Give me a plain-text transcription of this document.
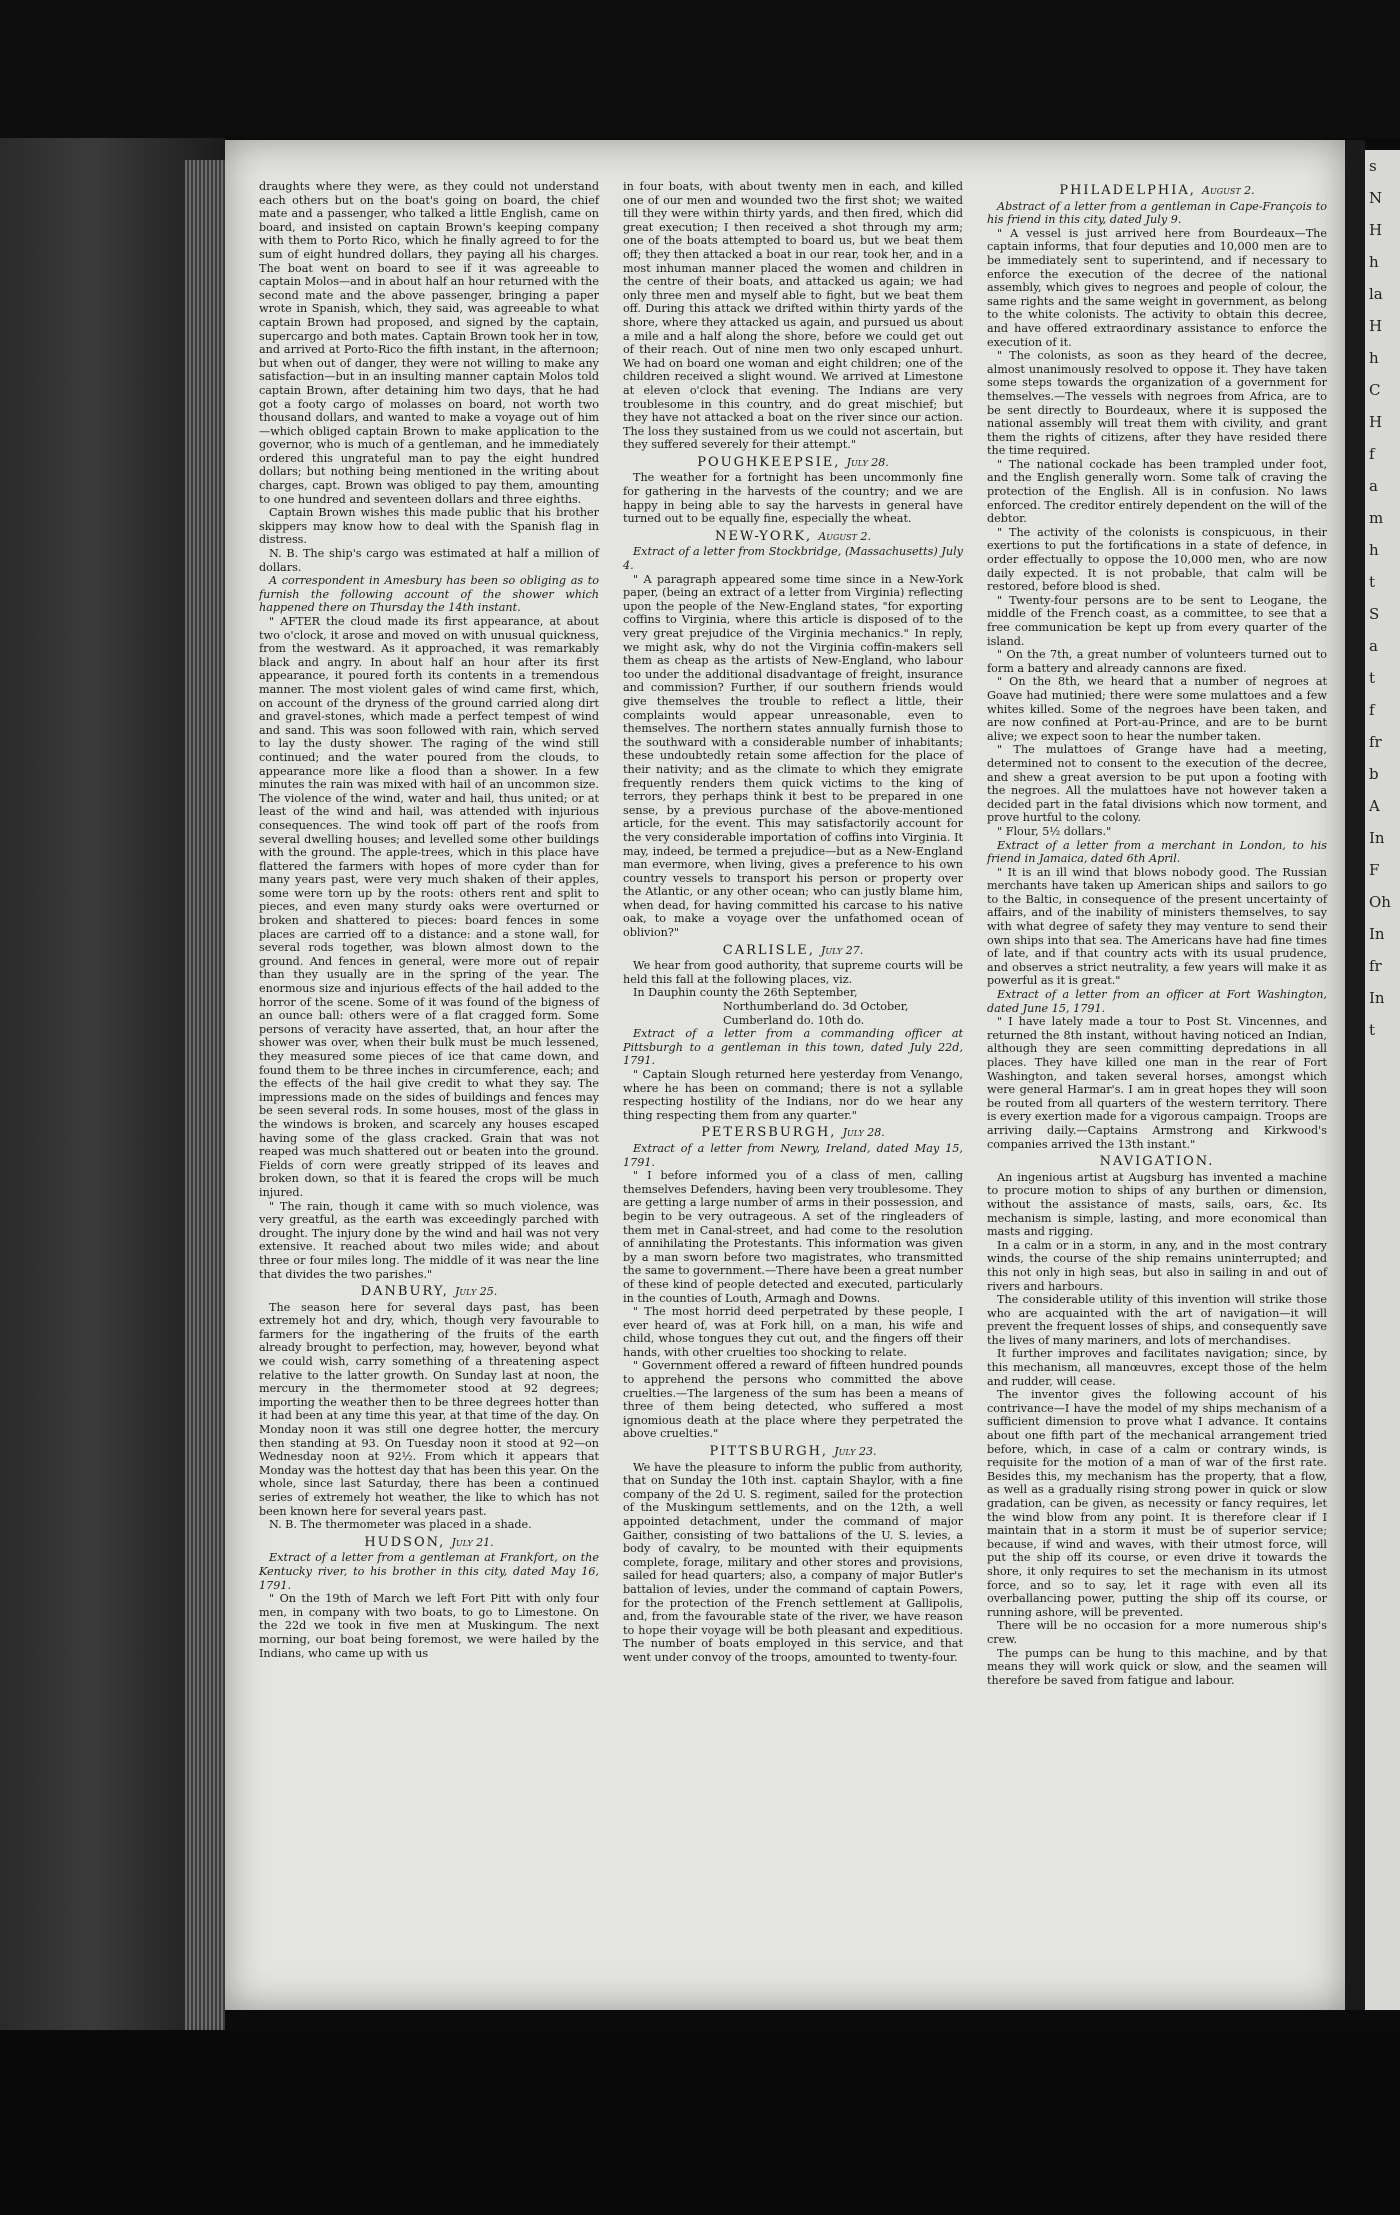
s
N
H
h
la
H
h
C
H
f
a
m
h
t
S
a
t
f
fr
b
A
In
F
Oh
In
fr
In
t

draughts where they were, as they could not understand each others but on the boat's going on board, the chief mate and a passenger, who talked a little English, came on board, and insisted on captain Brown's keeping company with them to Porto Rico, which he finally agreed to for the sum of eight hundred dollars, they paying all his charges. The boat went on board to see if it was agreeable to captain Molos—and in about half an hour returned with the second mate and the above passenger, bringing a paper wrote in Spanish, which, they said, was agreeable to what captain Brown had proposed, and signed by the captain, supercargo and both mates. Captain Brown took her in tow, and arrived at Porto-Rico the fifth instant, in the afternoon; but when out of danger, they were not willing to make any satisfaction—but in an insulting manner captain Molos told captain Brown, after detaining him two days, that he had got a footy cargo of molasses on board, not worth two thousand dollars, and wanted to make a voyage out of him—which obliged captain Brown to make application to the governor, who is much of a gentleman, and he immediately ordered this ungrateful man to pay the eight hundred dollars; but nothing being mentioned in the writing about charges, capt. Brown was obliged to pay them, amounting to one hundred and seventeen dollars and three eighths.

Captain Brown wishes this made public that his brother skippers may know how to deal with the Spanish flag in distress.

N. B. The ship's cargo was estimated at half a million of dollars.

A correspondent in Amesbury has been so obliging as to furnish the following account of the shower which happened there on Thursday the 14th instant.

" AFTER the cloud made its first appearance, at about two o'clock, it arose and moved on with unusual quickness, from the westward. As it approached, it was remarkably black and angry. In about half an hour after its first appearance, it poured forth its contents in a tremendous manner. The most violent gales of wind came first, which, on account of the dryness of the ground carried along dirt and gravel-stones, which made a perfect tempest of wind and sand. This was soon followed with rain, which served to lay the dusty shower. The raging of the wind still continued; and the water poured from the clouds, to appearance more like a flood than a shower. In a few minutes the rain was mixed with hail of an uncommon size. The violence of the wind, water and hail, thus united; or at least of the wind and hail, was attended with injurious consequences. The wind took off part of the roofs from several dwelling houses; and levelled some other buildings with the ground. The apple-trees, which in this place have flattered the farmers with hopes of more cyder than for many years past, were very much shaken of their apples, some were torn up by the roots: others rent and split to pieces, and even many sturdy oaks were overturned or broken and shattered to pieces: board fences in some places are carried off to a distance: and a stone wall, for several rods together, was blown almost down to the ground. And fences in general, were more out of repair than they usually are in the spring of the year. The enormous size and injurious effects of the hail added to the horror of the scene. Some of it was found of the bigness of an ounce ball: others were of a flat cragged form. Some persons of veracity have asserted, that, an hour after the shower was over, when their bulk must be much lessened, they measured some pieces of ice that came down, and found them to be three inches in circumference, each; and the effects of the hail give credit to what they say. The impressions made on the sides of buildings and fences may be seen several rods. In some houses, most of the glass in the windows is broken, and scarcely any houses escaped having some of the glass cracked. Grain that was not reaped was much shattered out or beaten into the ground. Fields of corn were greatly stripped of its leaves and broken down, so that it is feared the crops will be much injured.

" The rain, though it came with so much violence, was very greatful, as the earth was exceedingly parched with drought. The injury done by the wind and hail was not very extensive. It reached about two miles wide; and about three or four miles long. The middle of it was near the line that divides the two parishes."

DANBURY, July 25.

The season here for several days past, has been extremely hot and dry, which, though very favourable to farmers for the ingathering of the fruits of the earth already brought to perfection, may, however, beyond what we could wish, carry something of a threatening aspect relative to the latter growth. On Sunday last at noon, the mercury in the thermometer stood at 92 degrees; importing the weather then to be three degrees hotter than it had been at any time this year, at that time of the day. On Monday noon it was still one degree hotter, the mercury then standing at 93. On Tuesday noon it stood at 92—on Wednesday noon at 92½. From which it appears that Monday was the hottest day that has been this year. On the whole, since last Saturday, there has been a continued series of extremely hot weather, the like to which has not been known here for several years past.

N. B. The thermometer was placed in a shade.

HUDSON, July 21.

Extract of a letter from a gentleman at Frankfort, on the Kentucky river, to his brother in this city, dated May 16, 1791.

" On the 19th of March we left Fort Pitt with only four men, in company with two boats, to go to Limestone. On the 22d we took in five men at Muskingum. The next morning, our boat being foremost, we were hailed by the Indians, who came up with us

in four boats, with about twenty men in each, and killed one of our men and wounded two the first shot; we waited till they were within thirty yards, and then fired, which did great execution; I then received a shot through my arm; one of the boats attempted to board us, but we beat them off; they then attacked a boat in our rear, took her, and in a most inhuman manner placed the women and children in the centre of their boats, and attacked us again; we had only three men and myself able to fight, but we beat them off. During this attack we drifted within thirty yards of the shore, where they attacked us again, and pursued us about a mile and a half along the shore, before we could get out of their reach. Out of nine men two only escaped unhurt. We had on board one woman and eight children; one of the children received a slight wound. We arrived at Limestone at eleven o'clock that evening. The Indians are very troublesome in this country, and do great mischief; but they have not attacked a boat on the river since our action. The loss they sustained from us we could not ascertain, but they suffered severely for their attempt."

POUGHKEEPSIE, July 28.

The weather for a fortnight has been uncommonly fine for gathering in the harvests of the country; and we are happy in being able to say the harvests in general have turned out to be equally fine, especially the wheat.

NEW-YORK, August 2.

Extract of a letter from Stockbridge, (Massachusetts) July 4.

" A paragraph appeared some time since in a New-York paper, (being an extract of a letter from Virginia) reflecting upon the people of the New-England states, "for exporting coffins to Virginia, where this article is disposed of to the very great prejudice of the Virginia mechanics." In reply, we might ask, why do not the Virginia coffin-makers sell them as cheap as the artists of New-England, who labour too under the additional disadvantage of freight, insurance and commission? Further, if our southern friends would give themselves the trouble to reflect a little, their complaints would appear unreasonable, even to themselves. The northern states annually furnish those to the southward with a considerable number of inhabitants; these undoubtedly retain some affection for the place of their nativity; and as the climate to which they emigrate frequently renders them quick victims to the king of terrors, they perhaps think it best to be prepared in one sense, by a previous purchase of the above-mentioned article, for the event. This may satisfactorily account for the very considerable importation of coffins into Virginia. It may, indeed, be termed a prejudice—but as a New-England man evermore, when living, gives a preference to his own country vessels to transport his person or property over the Atlantic, or any other ocean; who can justly blame him, when dead, for having committed his carcase to his native oak, to make a voyage over the unfathomed ocean of oblivion?"

CARLISLE, July 27.

We hear from good authority, that supreme courts will be held this fall at the following places, viz.

In Dauphin county the 26th September,

Northumberland do. 3d October,

Cumberland do. 10th do.

Extract of a letter from a commanding officer at Pittsburgh to a gentleman in this town, dated July 22d, 1791.

" Captain Slough returned here yesterday from Venango, where he has been on command; there is not a syllable respecting hostility of the Indians, nor do we hear any thing respecting them from any quarter."

PETERSBURGH, July 28.

Extract of a letter from Newry, Ireland, dated May 15, 1791.

" I before informed you of a class of men, calling themselves Defenders, having been very troublesome. They are getting a large number of arms in their possession, and begin to be very outrageous. A set of the ringleaders of them met in Canal-street, and had come to the resolution of annihilating the Protestants. This information was given by a man sworn before two magistrates, who transmitted the same to government.—There have been a great number of these kind of people detected and executed, particularly in the counties of Louth, Armagh and Downs.

" The most horrid deed perpetrated by these people, I ever heard of, was at Fork hill, on a man, his wife and child, whose tongues they cut out, and the fingers off their hands, with other cruelties too shocking to relate.

" Government offered a reward of fifteen hundred pounds to apprehend the persons who committed the above cruelties.—The largeness of the sum has been a means of three of them being detected, who suffered a most ignomious death at the place where they perpetrated the above cruelties."

PITTSBURGH, July 23.

We have the pleasure to inform the public from authority, that on Sunday the 10th inst. captain Shaylor, with a fine company of the 2d U. S. regiment, sailed for the protection of the Muskingum settlements, and on the 12th, a well appointed detachment, under the command of major Gaither, consisting of two battalions of the U. S. levies, a body of cavalry, to be mounted with their equipments complete, forage, military and other stores and provisions, sailed for head quarters; also, a company of major Butler's battalion of levies, under the command of captain Powers, for the protection of the French settlement at Gallipolis, and, from the favourable state of the river, we have reason to hope their voyage will be both pleasant and expeditious. The number of boats employed in this service, and that went under convoy of the troops, amounted to twenty-four.

PHILADELPHIA, August 2.

Abstract of a letter from a gentleman in Cape-François to his friend in this city, dated July 9.

" A vessel is just arrived here from Bourdeaux—The captain informs, that four deputies and 10,000 men are to be immediately sent to superintend, and if necessary to enforce the execution of the decree of the national assembly, which gives to negroes and people of colour, the same rights and the same weight in government, as belong to the white colonists. The activity to obtain this decree, and have offered extraordinary assistance to enforce the execution of it.

" The colonists, as soon as they heard of the decree, almost unanimously resolved to oppose it. They have taken some steps towards the organization of a government for themselves.—The vessels with negroes from Africa, are to be sent directly to Bourdeaux, where it is supposed the national assembly will treat them with civility, and grant them the rights of citizens, after they have resided there the time required.

" The national cockade has been trampled under foot, and the English generally worn. Some talk of craving the protection of the English. All is in confusion. No laws enforced. The creditor entirely dependent on the will of the debtor.

" The activity of the colonists is conspicuous, in their exertions to put the fortifications in a state of defence, in order effectually to oppose the 10,000 men, who are now daily expected. It is not probable, that calm will be restored, before blood is shed.

" Twenty-four persons are to be sent to Leogane, the middle of the French coast, as a committee, to see that a free communication be kept up from every quarter of the island.

" On the 7th, a great number of volunteers turned out to form a battery and already cannons are fixed.

" On the 8th, we heard that a number of negroes at Goave had mutinied; there were some mulattoes and a few whites killed. Some of the negroes have been taken, and are now confined at Port-au-Prince, and are to be burnt alive; we expect soon to hear the number taken.

" The mulattoes of Grange have had a meeting, determined not to consent to the execution of the decree, and shew a great aversion to be put upon a footing with the negroes. All the mulattoes have not however taken a decided part in the fatal divisions which now torment, and prove hurtful to the colony.

" Flour, 5½ dollars."

Extract of a letter from a merchant in London, to his friend in Jamaica, dated 6th April.

" It is an ill wind that blows nobody good. The Russian merchants have taken up American ships and sailors to go to the Baltic, in consequence of the present uncertainty of affairs, and of the inability of ministers themselves, to say with what degree of safety they may venture to send their own ships into that sea. The Americans have had fine times of late, and if that country acts with its usual prudence, and observes a strict neutrality, a few years will make it as powerful as it is great."

Extract of a letter from an officer at Fort Washington, dated June 15, 1791.

" I have lately made a tour to Post St. Vincennes, and returned the 8th instant, without having noticed an Indian, although they are seen committing depredations in all places. They have killed one man in the rear of Fort Washington, and taken several horses, amongst which were general Harmar's. I am in great hopes they will soon be routed from all quarters of the western territory. There is every exertion made for a vigorous campaign. Troops are arriving daily.—Captains Armstrong and Kirkwood's companies arrived the 13th instant."

NAVIGATION.

An ingenious artist at Augsburg has invented a machine to procure motion to ships of any burthen or dimension, without the assistance of masts, sails, oars, &c. Its mechanism is simple, lasting, and more economical than masts and rigging.

In a calm or in a storm, in any, and in the most contrary winds, the course of the ship remains uninterrupted; and this not only in high seas, but also in sailing in and out of rivers and harbours.

The considerable utility of this invention will strike those who are acquainted with the art of navigation—it will prevent the frequent losses of ships, and consequently save the lives of many mariners, and lots of merchandises.

It further improves and facilitates navigation; since, by this mechanism, all manœuvres, except those of the helm and rudder, will cease.

The inventor gives the following account of his contrivance—I have the model of my ships mechanism of a sufficient dimension to prove what I advance. It contains about one fifth part of the mechanical arrangement tried before, which, in case of a calm or contrary winds, is requisite for the motion of a man of war of the first rate. Besides this, my mechanism has the property, that a flow, as well as a gradually rising strong power in quick or slow gradation, can be given, as necessity or fancy requires, let the wind blow from any point. It is therefore clear if I maintain that in a storm it must be of superior service; because, if wind and waves, with their utmost force, will put the ship off its course, or even drive it towards the shore, it only requires to set the mechanism in its utmost force, and so to say, let it rage with even all its overballancing power, putting the ship off its course, or running ashore, will be prevented.

There will be no occasion for a more numerous ship's crew.

The pumps can be hung to this machine, and by that means they will work quick or slow, and the seamen will therefore be saved from fatigue and labour.
